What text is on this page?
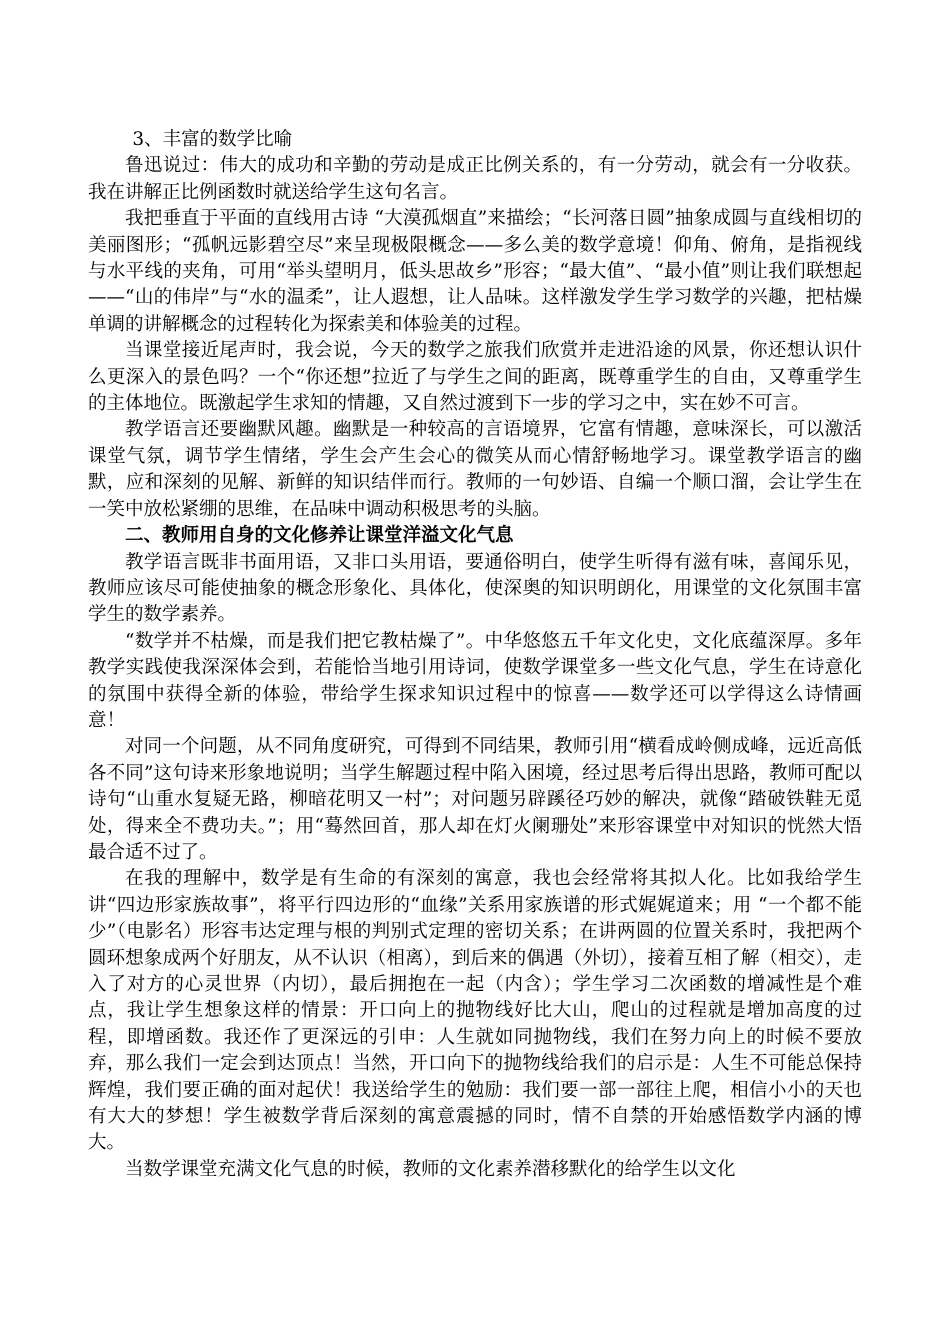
3、丰富的数学比喻

鲁迅说过：伟大的成功和辛勤的劳动是成正比例关系的，有一分劳动，就会有一分收获。我在讲解正比例函数时就送给学生这句名言。

我把垂直于平面的直线用古诗 “大漠孤烟直”来描绘；“长河落日圆”抽象成圆与直线相切的美丽图形；“孤帆远影碧空尽”来呈现极限概念——多么美的数学意境！仰角、俯角，是指视线与水平线的夹角，可用“举头望明月，低头思故乡”形容；“最大值”、“最小值”则让我们联想起——“山的伟岸”与“水的温柔”，让人遐想，让人品味。这样激发学生学习数学的兴趣，把枯燥单调的讲解概念的过程转化为探索美和体验美的过程。

当课堂接近尾声时，我会说，今天的数学之旅我们欣赏并走进沿途的风景，你还想认识什么更深入的景色吗？一个“你还想”拉近了与学生之间的距离，既尊重学生的自由，又尊重学生的主体地位。既激起学生求知的情趣，又自然过渡到下一步的学习之中，实在妙不可言。

教学语言还要幽默风趣。幽默是一种较高的言语境界，它富有情趣，意味深长，可以激活课堂气氛，调节学生情绪，学生会产生会心的微笑从而心情舒畅地学习。课堂教学语言的幽默，应和深刻的见解、新鲜的知识结伴而行。教师的一句妙语、自编一个顺口溜，会让学生在一笑中放松紧绷的思维，在品味中调动积极思考的头脑。

二、教师用自身的文化修养让课堂洋溢文化气息

教学语言既非书面用语，又非口头用语，要通俗明白，使学生听得有滋有味，喜闻乐见，教师应该尽可能使抽象的概念形象化、具体化，使深奥的知识明朗化，用课堂的文化氛围丰富学生的数学素养。

“数学并不枯燥，而是我们把它教枯燥了”。中华悠悠五千年文化史，文化底蕴深厚。多年教学实践使我深深体会到，若能恰当地引用诗词，使数学课堂多一些文化气息，学生在诗意化的氛围中获得全新的体验，带给学生探求知识过程中的惊喜——数学还可以学得这么诗情画意！

对同一个问题，从不同角度研究，可得到不同结果，教师引用“横看成岭侧成峰，远近高低各不同”这句诗来形象地说明；当学生解题过程中陷入困境，经过思考后得出思路，教师可配以诗句“山重水复疑无路，柳暗花明又一村”；对问题另辟蹊径巧妙的解决，就像“踏破铁鞋无觅处，得来全不费功夫。”；用“蓦然回首，那人却在灯火阑珊处”来形容课堂中对知识的恍然大悟最合适不过了。

在我的理解中，数学是有生命的有深刻的寓意，我也会经常将其拟人化。比如我给学生讲“四边形家族故事”，将平行四边形的“血缘”关系用家族谱的形式娓娓道来；用 “一个都不能少”（电影名）形容韦达定理与根的判别式定理的密切关系；在讲两圆的位置关系时，我把两个圆环想象成两个好朋友，从不认识（相离），到后来的偶遇（外切），接着互相了解（相交），走入了对方的心灵世界（内切），最后拥抱在一起（内含）；学生学习二次函数的增减性是个难点，我让学生想象这样的情景：开口向上的抛物线好比大山，爬山的过程就是增加高度的过程，即增函数。我还作了更深远的引申：人生就如同抛物线，我们在努力向上的时候不要放弃，那么我们一定会到达顶点！当然，开口向下的抛物线给我们的启示是：人生不可能总保持辉煌，我们要正确的面对起伏！我送给学生的勉励：我们要一部一部往上爬，相信小小的天也有大大的梦想！学生被数学背后深刻的寓意震撼的同时，情不自禁的开始感悟数学内涵的博大。

当数学课堂充满文化气息的时候，教师的文化素养潜移默化的给学生以文化
